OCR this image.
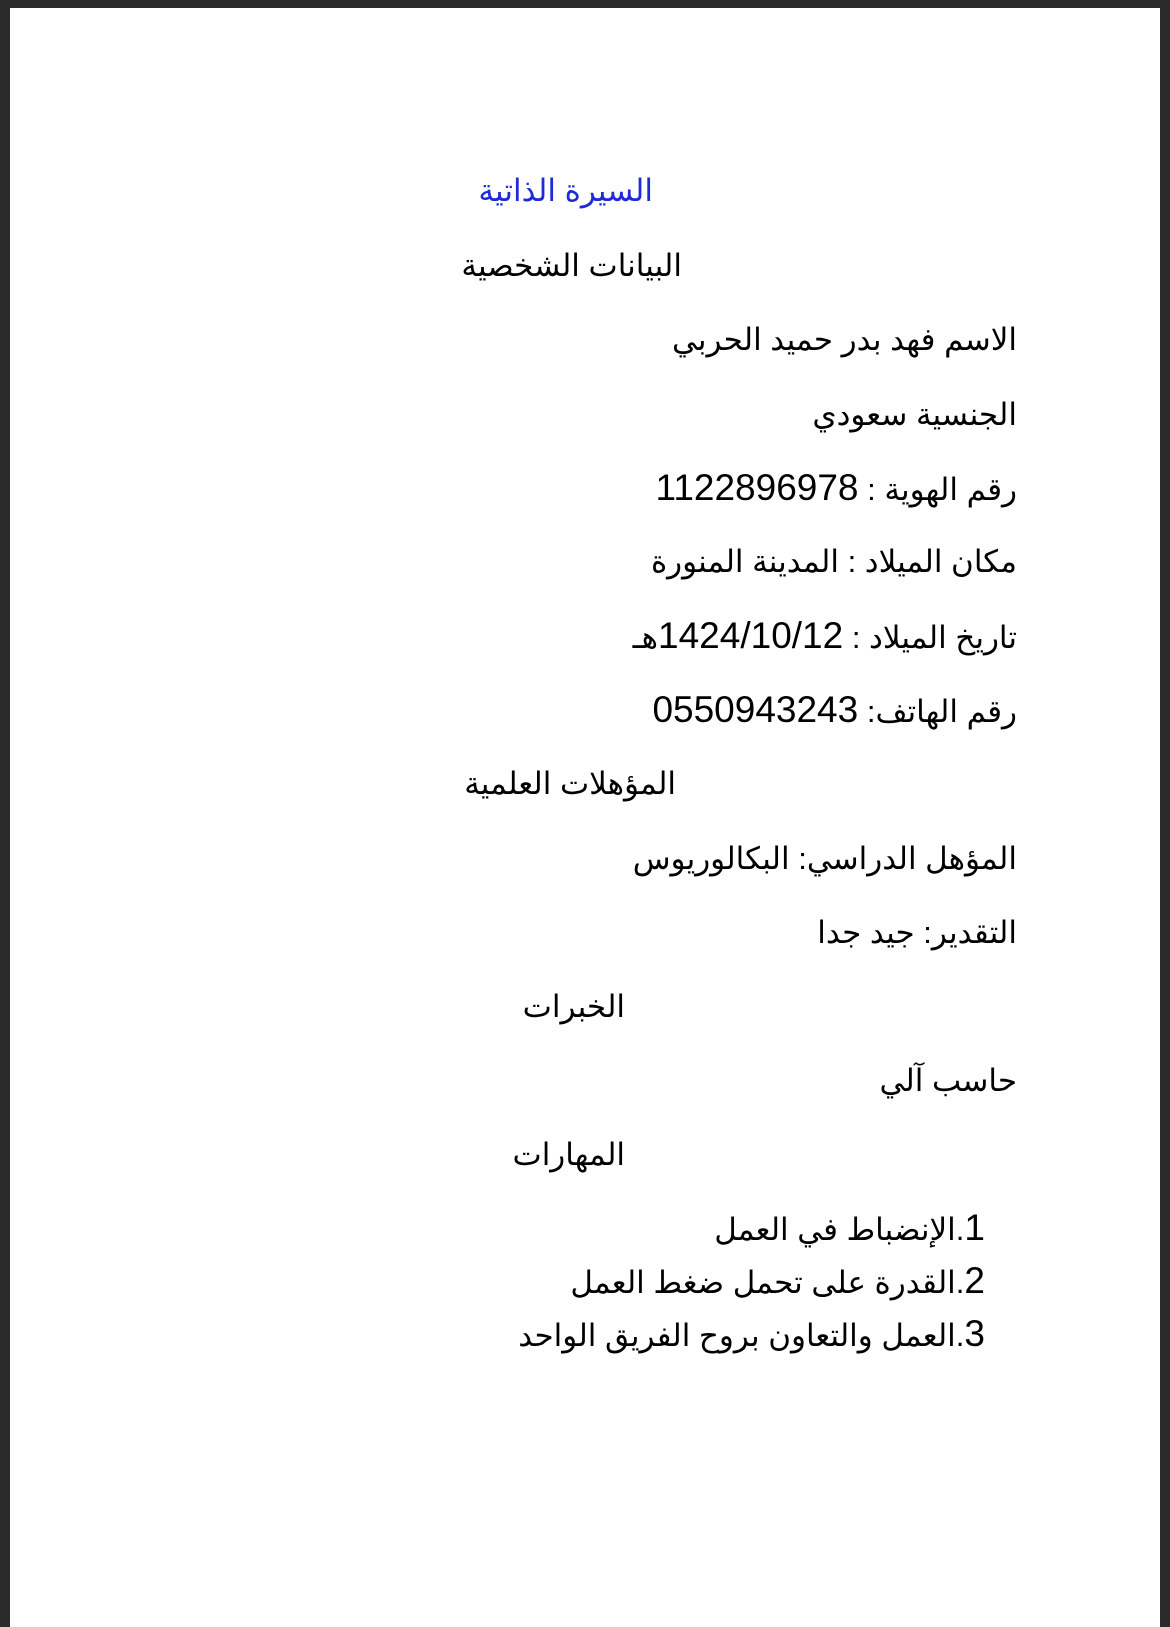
السيرة الذاتية
البيانات الشخصية
الاسم فهد بدر حميد الحربي
الجنسية سعودي
رقم الهوية : 1122896978
مكان الميلاد : المدينة المنورة
تاريخ الميلاد : 1424/10/12هـ
رقم الهاتف: 0550943243
المؤهلات العلمية
المؤهل الدراسي: البكالوريوس
التقدير: جيد جدا
الخبرات
حاسب آلي
المهارات
1.الإنضباط في العمل
2.القدرة على تحمل ضغط العمل
3.العمل والتعاون بروح الفريق الواحد
